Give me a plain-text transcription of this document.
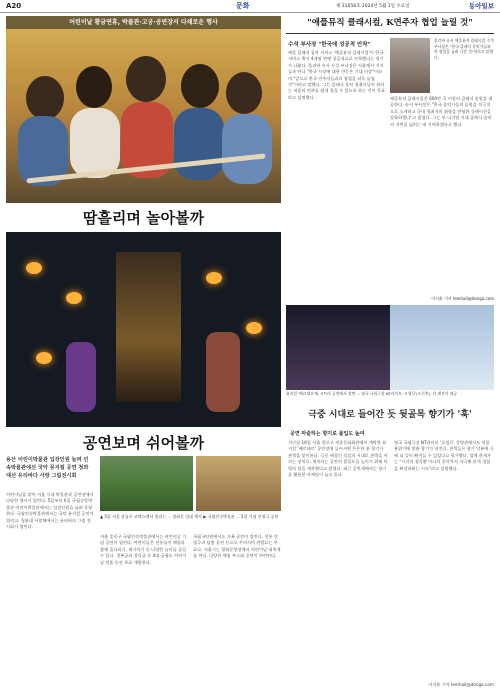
A20	문화	제 31658호 2024년 5월 1일 수요일	동아일보
어린이날 황금연휴, 박물관·고궁·공연장서 다채로운 행사
땀흘리며 놀아볼까
공연보며 쉬어볼까
용산 어린이박물관 입장인원 늘려 민속박물관에선 국악 뮤지컬 공연 청와대선 유리바다 사랑 그림전시회
▲ 5일 서울 강남구 코엑스에서 열리는 ... 광화문 일대 행사 ▶ 국립민속박물관 ... 5일 기념 인형극 공연
어린이날을 맞아 서울 시내 박물관과 공연장에서 다양한 행사가 열린다. 5일부터 6일 국립중앙박물관 어린이박물관에서는 입장인원을 늘려 운영한다. 국립민속박물관에서는 국악 뮤지컬 공연이 열리고, 청와대 사랑채에서는 유리바다 그림 전시회가 열린다.
서울 종로구 국립민속박물관에서는 어린이날 기념 공연이 열린다. 어린이들은 전통놀이 체험과 함께 줄다리기, 제기차기 등 다양한 놀이를 즐길 수 있다. 경복궁과 창덕궁 등 4대 궁궐도 어린이날 연휴 동안 무료 개방한다.
국립국악원에서도 가족 공연이 열린다. 전통 인형극과 탈춤 공연 등으로 꾸며지며 관람료는 무료다. 서울시는 광화문광장에서 어린이날 대축제를 연다. 다양한 체험 부스와 공연이 마련된다.
"애플뮤직 클래시컬, K연주자 협업 늘릴 것"
수석 부사장 "한국에 성공적 안착"
올리버 슈서 애플뮤직 클래시컬 수석 부사장은 "한국 클래식 음악가들과의 협업을 늘려 나갈 것"이라고 말했다.
애플 클래식 음악 서비스 '애플뮤직 클래시컬'이 한국 서비스 출시 4개월 만에 성공적으로 안착했다는 평가가 나왔다. 올리버 슈서 수석 부사장은 서울에서 기자들과 만나 "한국 시장에 대한 반응은 기대 이상"이라며 "앞으로 한국 연주자들과의 협업을 더욱 늘릴 것"이라고 말했다. 그는 클래식 음악 청취자들이 원하는 작품과 연주를 쉽게 찾을 수 있도록 하는 것이 목표라고 설명했다.	애플뮤직 클래시컬은 600만 곡 이상의 클래식 음원을 제공한다. 슈서 부사장은 "한국 음악가들의 음원을 적극적으로 소개하고 국내 청취자의 취향을 반영한 큐레이션을 강화하겠다"고 밝혔다. 그는 또 디지털 시대 클래식 음악의 저변을 넓히는 데 기여하겠다고 했다.
이지윤 기자 leemail@donga.com
뮤지컬 '베르테르'와 시트러 공연에서 장면 ... 영국 국립극장 NT라이브 '오셀로'(오른쪽). 각 제작사 제공
극중 시대로 들어간 듯 뒷골목 향기가 '훅'
공연 마술하는 향기로 몰입도 높여
지난달 16일 서울 종로구 세종문화회관에서 개막한 뮤지컬 '베르테르' 공연장에 들어서면 은은한 꽃 향기가 관객을 맞이한다. 극중 배경인 독일의 시대로 관객을 이끄는 장치로, 제작사는 공연의 몰입도를 높이기 위해 특별히 향을 제작했다고 밝혔다. 최근 공연계에서는 향기를 활용한 마케팅이 늘고 있다.
영국 국립극장 NT라이브 '오셀로' 상영관에서도 작품 분위기에 맞춘 향기가 퍼진다. 관객들은 향기 덕분에 극에 더 깊이 빠져들 수 있었다고 평가했다. 업계 관계자는 "시각과 청각뿐 아니라 후각까지 자극해 관객 경험을 확장하려는 시도"라고 설명했다.
이지윤 기자 leemail@donga.com
